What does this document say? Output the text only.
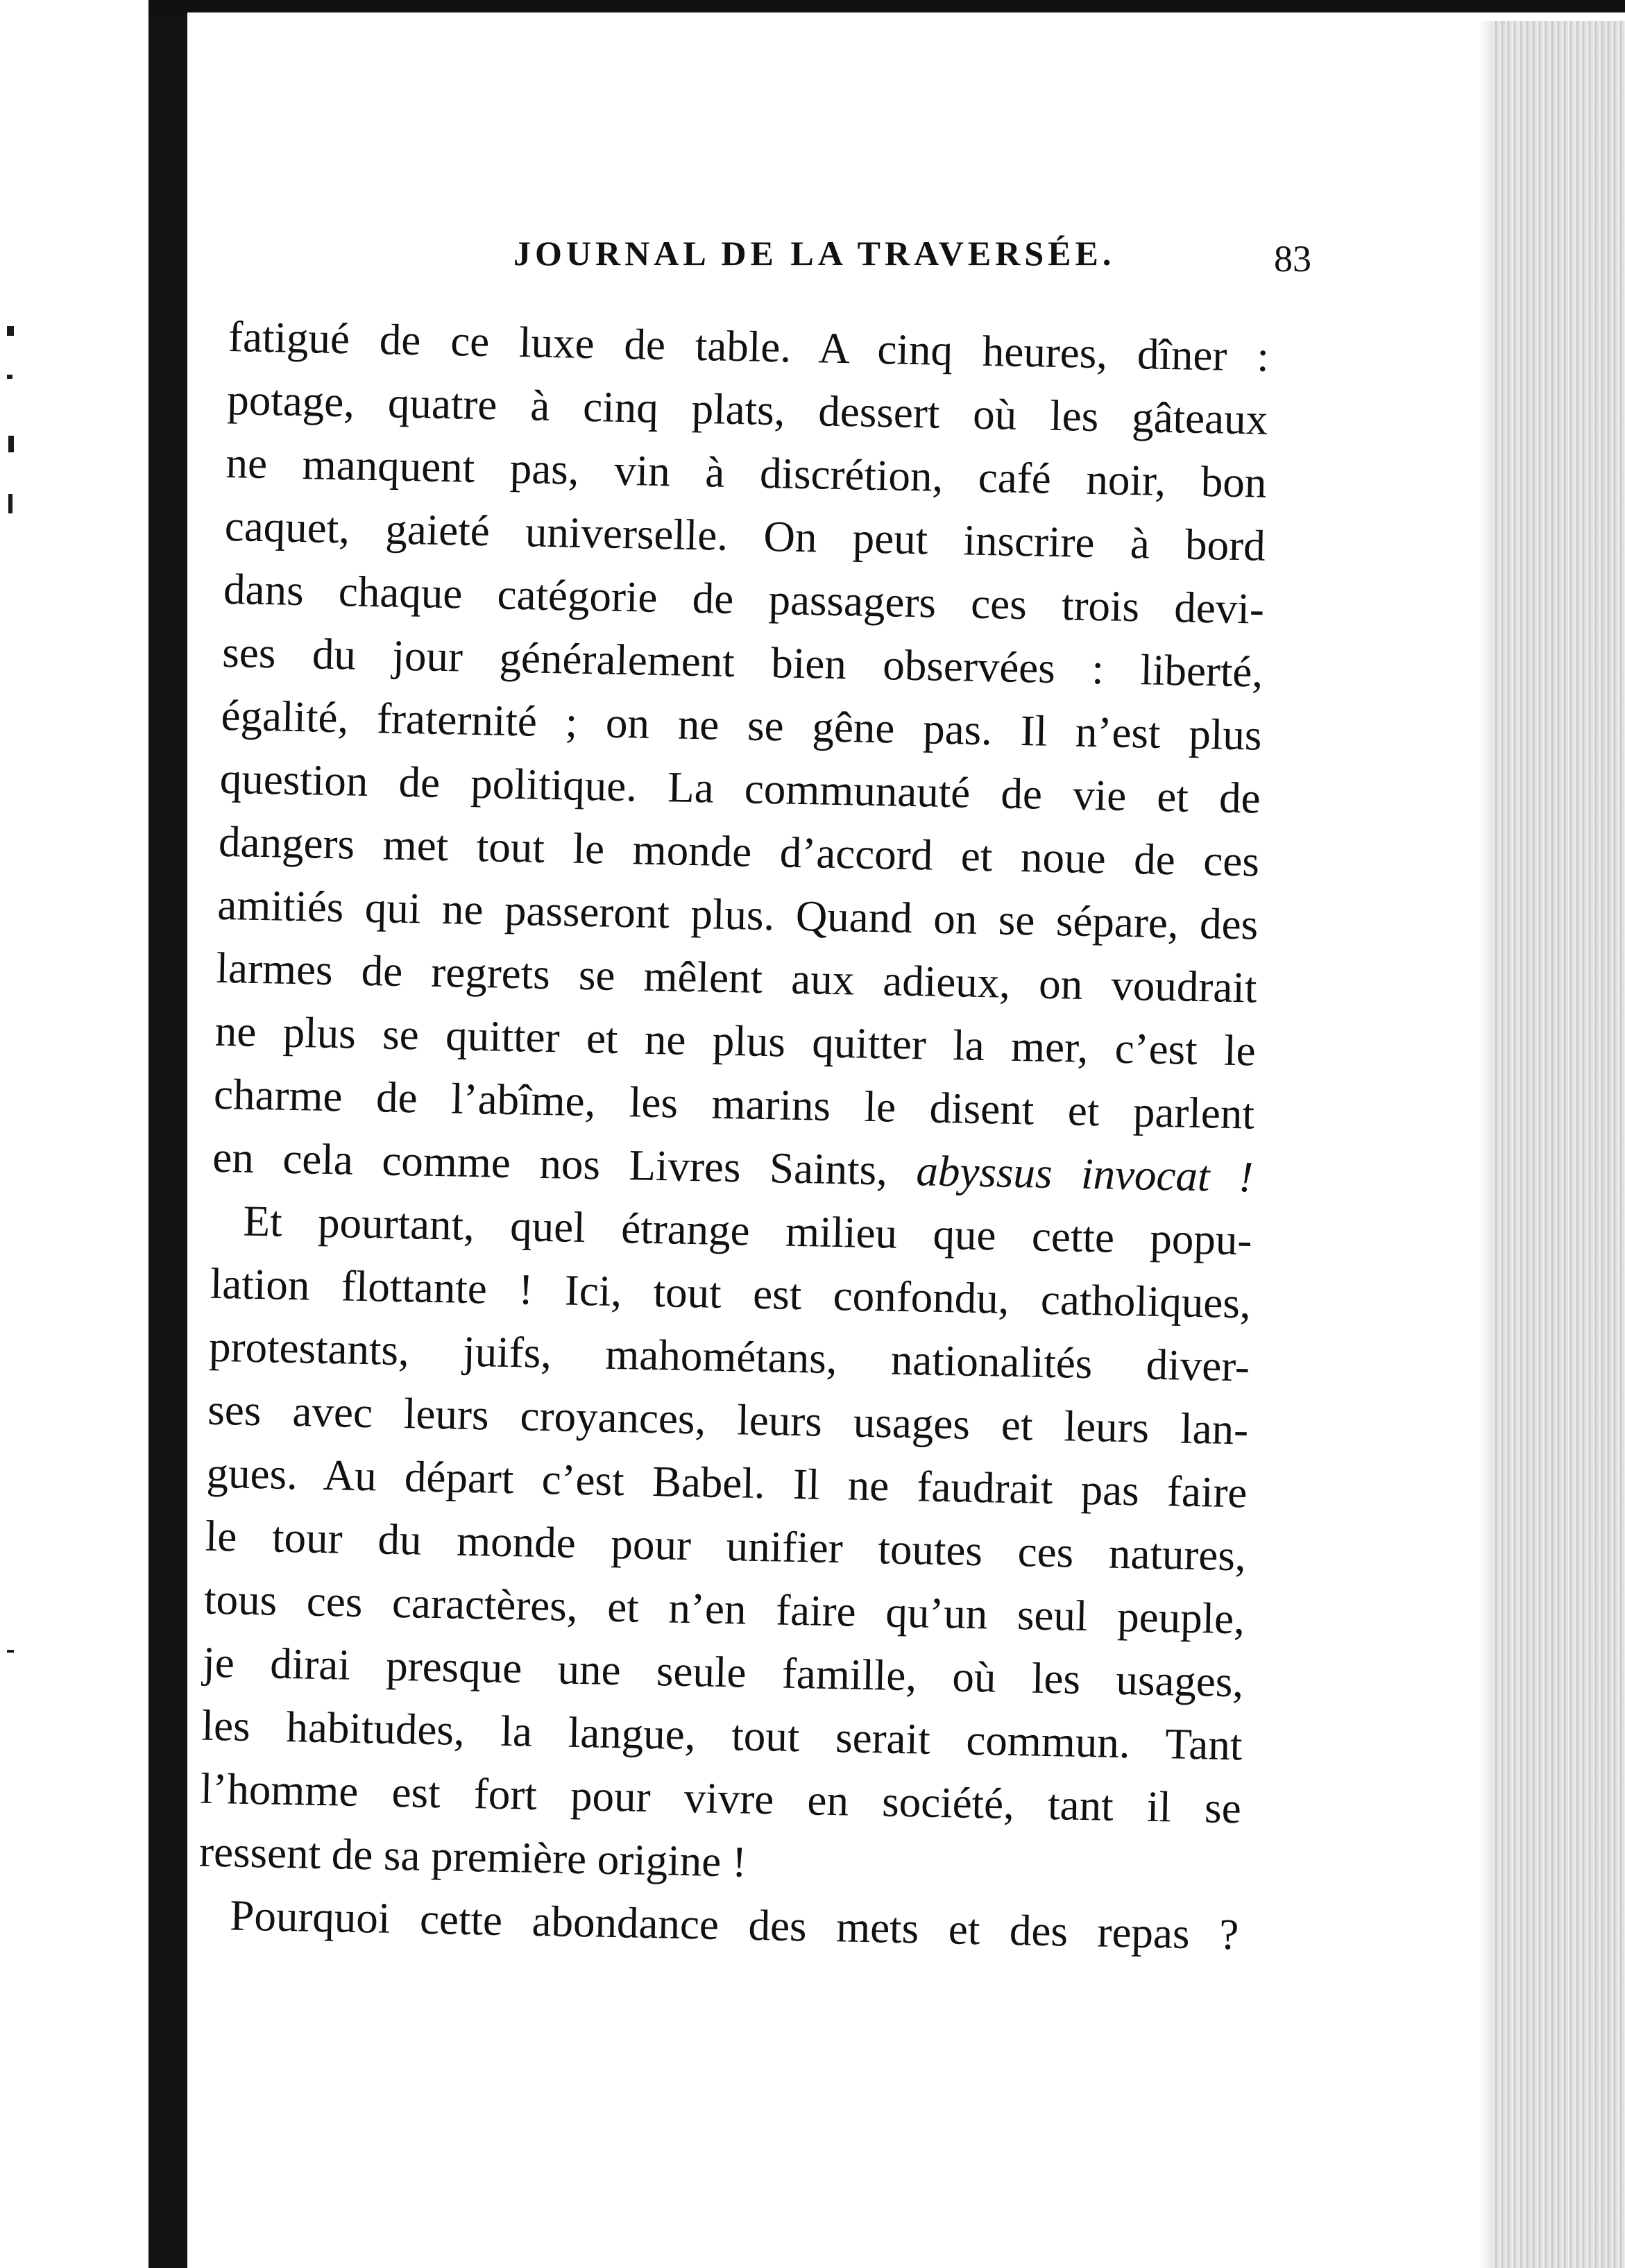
JOURNAL DE LA TRAVERSÉE.	83
fatigué de ce luxe de table. A cinq heures, dîner :
potage, quatre à cinq plats, dessert où les gâteaux
ne manquent pas, vin à discrétion, café noir, bon
caquet, gaieté universelle. On peut inscrire à bord
dans chaque catégorie de passagers ces trois devi-
ses du jour généralement bien observées : liberté,
égalité, fraternité ; on ne se gêne pas. Il n’est plus
question de politique. La communauté de vie et de
dangers met tout le monde d’accord et noue de ces
amitiés qui ne passeront plus. Quand on se sépare, des
larmes de regrets se mêlent aux adieux, on voudrait
ne plus se quitter et ne plus quitter la mer, c’est le
charme de l’abîme, les marins le disent et parlent
en cela comme nos Livres Saints, abyssus invocat !
Et pourtant, quel étrange milieu que cette popu-
lation flottante ! Ici, tout est confondu, catholiques,
protestants, juifs, mahométans, nationalités diver-
ses avec leurs croyances, leurs usages et leurs lan-
gues. Au départ c’est Babel. Il ne faudrait pas faire
le tour du monde pour unifier toutes ces natures,
tous ces caractères, et n’en faire qu’un seul peuple,
je dirai presque une seule famille, où les usages,
les habitudes, la langue, tout serait commun. Tant
l’homme est fort pour vivre en société, tant il se
ressent de sa première origine !
Pourquoi cette abondance des mets et des repas ?
